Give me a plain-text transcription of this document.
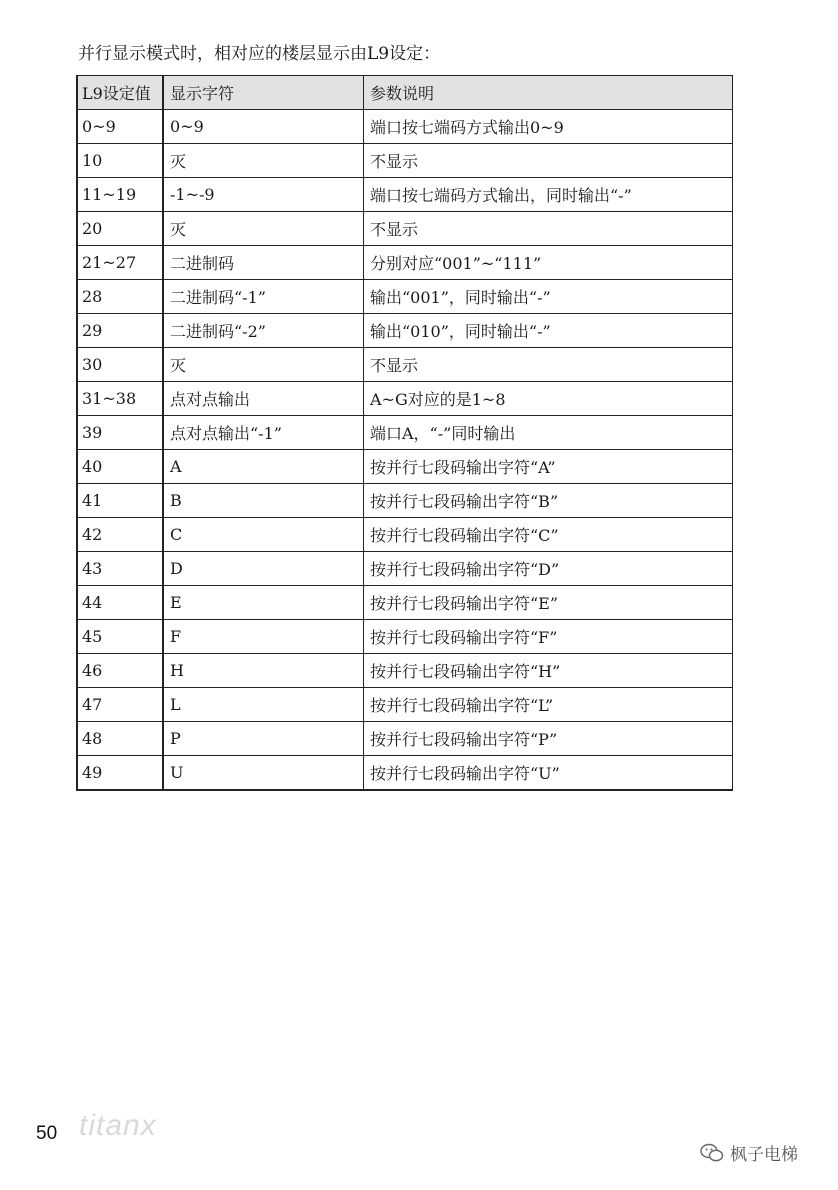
并行显示模式时，相对应的楼层显示由L9设定：
L9设定值	显示字符	参数说明
0~9	0~9	端口按七端码方式输出0~9
10	灭	不显示
11~19	-1~-9	端口按七端码方式输出，同时输出“-”
20	灭	不显示
21~27	二进制码	分别对应“001”~“111”
28	二进制码“-1”	输出“001”，同时输出“-”
29	二进制码“-2”	输出“010”，同时输出“-”
30	灭	不显示
31~38	点对点输出	A~G对应的是1~8
39	点对点输出“-1”	端口A，“-”同时输出
40	A	按并行七段码输出字符“A”
41	B	按并行七段码输出字符“B”
42	C	按并行七段码输出字符“C”
43	D	按并行七段码输出字符“D”
44	E	按并行七段码输出字符“E”
45	F	按并行七段码输出字符“F”
46	H	按并行七段码输出字符“H”
47	L	按并行七段码输出字符“L”
48	P	按并行七段码输出字符“P”
49	U	按并行七段码输出字符“U”
50 titanx
枫子电梯
